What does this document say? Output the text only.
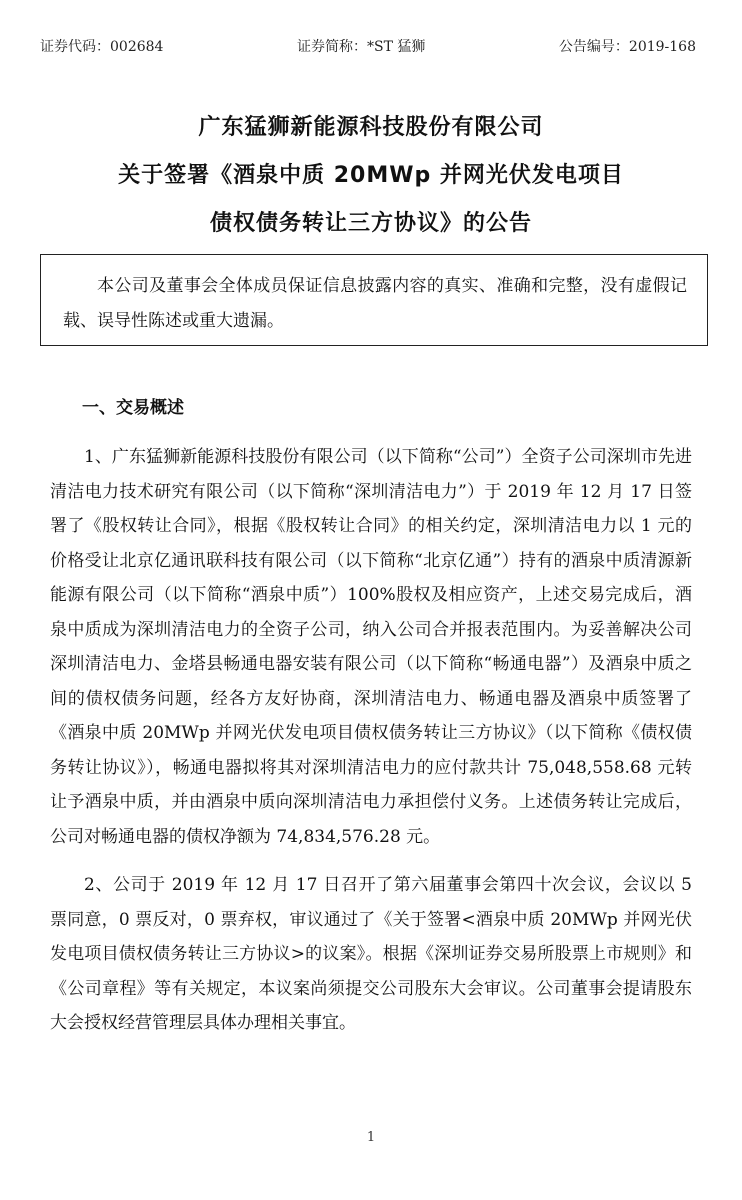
证券代码：002684	证券简称：*ST 猛狮	公告编号：2019-168
广东猛狮新能源科技股份有限公司
关于签署《酒泉中质 20MWp 并网光伏发电项目
债权债务转让三方协议》的公告

本公司及董事会全体成员保证信息披露内容的真实、准确和完整，没有虚假记载、误导性陈述或重大遗漏。

一、交易概述

1、广东猛狮新能源科技股份有限公司（以下简称“公司”）全资子公司深圳市先进清洁电力技术研究有限公司（以下简称“深圳清洁电力”）于 2019 年 12 月 17 日签署了《股权转让合同》，根据《股权转让合同》的相关约定，深圳清洁电力以 1 元的价格受让北京亿通讯联科技有限公司（以下简称“北京亿通”）持有的酒泉中质清源新能源有限公司（以下简称“酒泉中质”）100%股权及相应资产，上述交易完成后，酒泉中质成为深圳清洁电力的全资子公司，纳入公司合并报表范围内。为妥善解决公司深圳清洁电力、金塔县畅通电器安装有限公司（以下简称“畅通电器”）及酒泉中质之间的债权债务问题，经各方友好协商，深圳清洁电力、畅通电器及酒泉中质签署了《酒泉中质 20MWp 并网光伏发电项目债权债务转让三方协议》（以下简称《债权债务转让协议》），畅通电器拟将其对深圳清洁电力的应付款共计 75,048,558.68 元转让予酒泉中质，并由酒泉中质向深圳清洁电力承担偿付义务。上述债务转让完成后，公司对畅通电器的债权净额为 74,834,576.28 元。

2、公司于 2019 年 12 月 17 日召开了第六届董事会第四十次会议，会议以 5 票同意，0 票反对，0 票弃权，审议通过了《关于签署<酒泉中质 20MWp 并网光伏发电项目债权债务转让三方协议>的议案》。根据《深圳证券交易所股票上市规则》和《公司章程》等有关规定，本议案尚须提交公司股东大会审议。公司董事会提请股东大会授权经营管理层具体办理相关事宜。

1
